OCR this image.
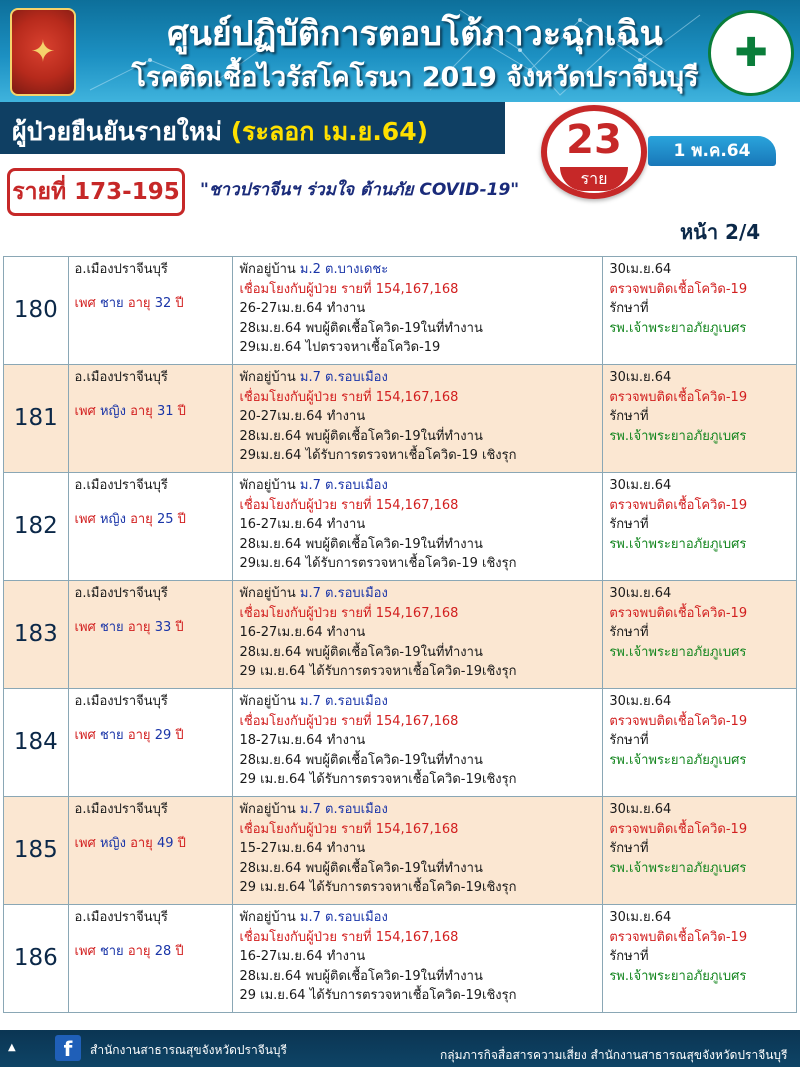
✦	✚
ศูนย์ปฏิบัติการตอบโต้ภาวะฉุกเฉิน
โรคติดเชื้อไวรัสโคโรนา 2019 จังหวัดปราจีนบุรี
ผู้ป่วยยืนยันรายใหม่ (ระลอก เม.ย.64)	23
ราย
1 พ.ค.64
รายที่ 173-195	"ชาวปราจีนฯ ร่วมใจ ต้านภัย COVID-19"
หน้า 2/4
180	อ.เมืองปราจีนบุรี
เพศ ชาย อายุ 32 ปี	พักอยู่บ้าน ม.2 ต.บางเดชะ
เชื่อมโยงกับผู้ป่วย รายที่ 154,167,168
26-27เม.ย.64 ทำงาน
28เม.ย.64 พบผู้ติดเชื้อโควิด-19ในที่ทำงาน
29เม.ย.64 ไปตรวจหาเชื้อโควิด-19	30เม.ย.64
ตรวจพบติดเชื้อโควิด-19
รักษาที่
รพ.เจ้าพระยาอภัยภูเบศร
181	อ.เมืองปราจีนบุรี
เพศ หญิง อายุ 31 ปี	พักอยู่บ้าน ม.7 ต.รอบเมือง
เชื่อมโยงกับผู้ป่วย รายที่ 154,167,168
20-27เม.ย.64 ทำงาน
28เม.ย.64 พบผู้ติดเชื้อโควิด-19ในที่ทำงาน
29เม.ย.64 ได้รับการตรวจหาเชื้อโควิด-19 เชิงรุก	30เม.ย.64
ตรวจพบติดเชื้อโควิด-19
รักษาที่
รพ.เจ้าพระยาอภัยภูเบศร
182	อ.เมืองปราจีนบุรี
เพศ หญิง อายุ 25 ปี	พักอยู่บ้าน ม.7 ต.รอบเมือง
เชื่อมโยงกับผู้ป่วย รายที่ 154,167,168
16-27เม.ย.64 ทำงาน
28เม.ย.64 พบผู้ติดเชื้อโควิด-19ในที่ทำงาน
29เม.ย.64 ได้รับการตรวจหาเชื้อโควิด-19 เชิงรุก	30เม.ย.64
ตรวจพบติดเชื้อโควิด-19
รักษาที่
รพ.เจ้าพระยาอภัยภูเบศร
183	อ.เมืองปราจีนบุรี
เพศ ชาย อายุ 33 ปี	พักอยู่บ้าน ม.7 ต.รอบเมือง
เชื่อมโยงกับผู้ป่วย รายที่ 154,167,168
16-27เม.ย.64 ทำงาน
28เม.ย.64 พบผู้ติดเชื้อโควิด-19ในที่ทำงาน
29 เม.ย.64 ได้รับการตรวจหาเชื้อโควิด-19เชิงรุก	30เม.ย.64
ตรวจพบติดเชื้อโควิด-19
รักษาที่
รพ.เจ้าพระยาอภัยภูเบศร
184	อ.เมืองปราจีนบุรี
เพศ ชาย อายุ 29 ปี	พักอยู่บ้าน ม.7 ต.รอบเมือง
เชื่อมโยงกับผู้ป่วย รายที่ 154,167,168
18-27เม.ย.64 ทำงาน
28เม.ย.64 พบผู้ติดเชื้อโควิด-19ในที่ทำงาน
29 เม.ย.64 ได้รับการตรวจหาเชื้อโควิด-19เชิงรุก	30เม.ย.64
ตรวจพบติดเชื้อโควิด-19
รักษาที่
รพ.เจ้าพระยาอภัยภูเบศร
185	อ.เมืองปราจีนบุรี
เพศ หญิง อายุ 49 ปี	พักอยู่บ้าน ม.7 ต.รอบเมือง
เชื่อมโยงกับผู้ป่วย รายที่ 154,167,168
15-27เม.ย.64 ทำงาน
28เม.ย.64 พบผู้ติดเชื้อโควิด-19ในที่ทำงาน
29 เม.ย.64 ได้รับการตรวจหาเชื้อโควิด-19เชิงรุก	30เม.ย.64
ตรวจพบติดเชื้อโควิด-19
รักษาที่
รพ.เจ้าพระยาอภัยภูเบศร
186	อ.เมืองปราจีนบุรี
เพศ ชาย อายุ 28 ปี	พักอยู่บ้าน ม.7 ต.รอบเมือง
เชื่อมโยงกับผู้ป่วย รายที่ 154,167,168
16-27เม.ย.64 ทำงาน
28เม.ย.64 พบผู้ติดเชื้อโควิด-19ในที่ทำงาน
29 เม.ย.64 ได้รับการตรวจหาเชื้อโควิด-19เชิงรุก	30เม.ย.64
ตรวจพบติดเชื้อโควิด-19
รักษาที่
รพ.เจ้าพระยาอภัยภูเบศร
▲	f	สำนักงานสาธารณสุขจังหวัดปราจีนบุรี	กลุ่มภารกิจสื่อสารความเสี่ยง สำนักงานสาธารณสุขจังหวัดปราจีนบุรี
